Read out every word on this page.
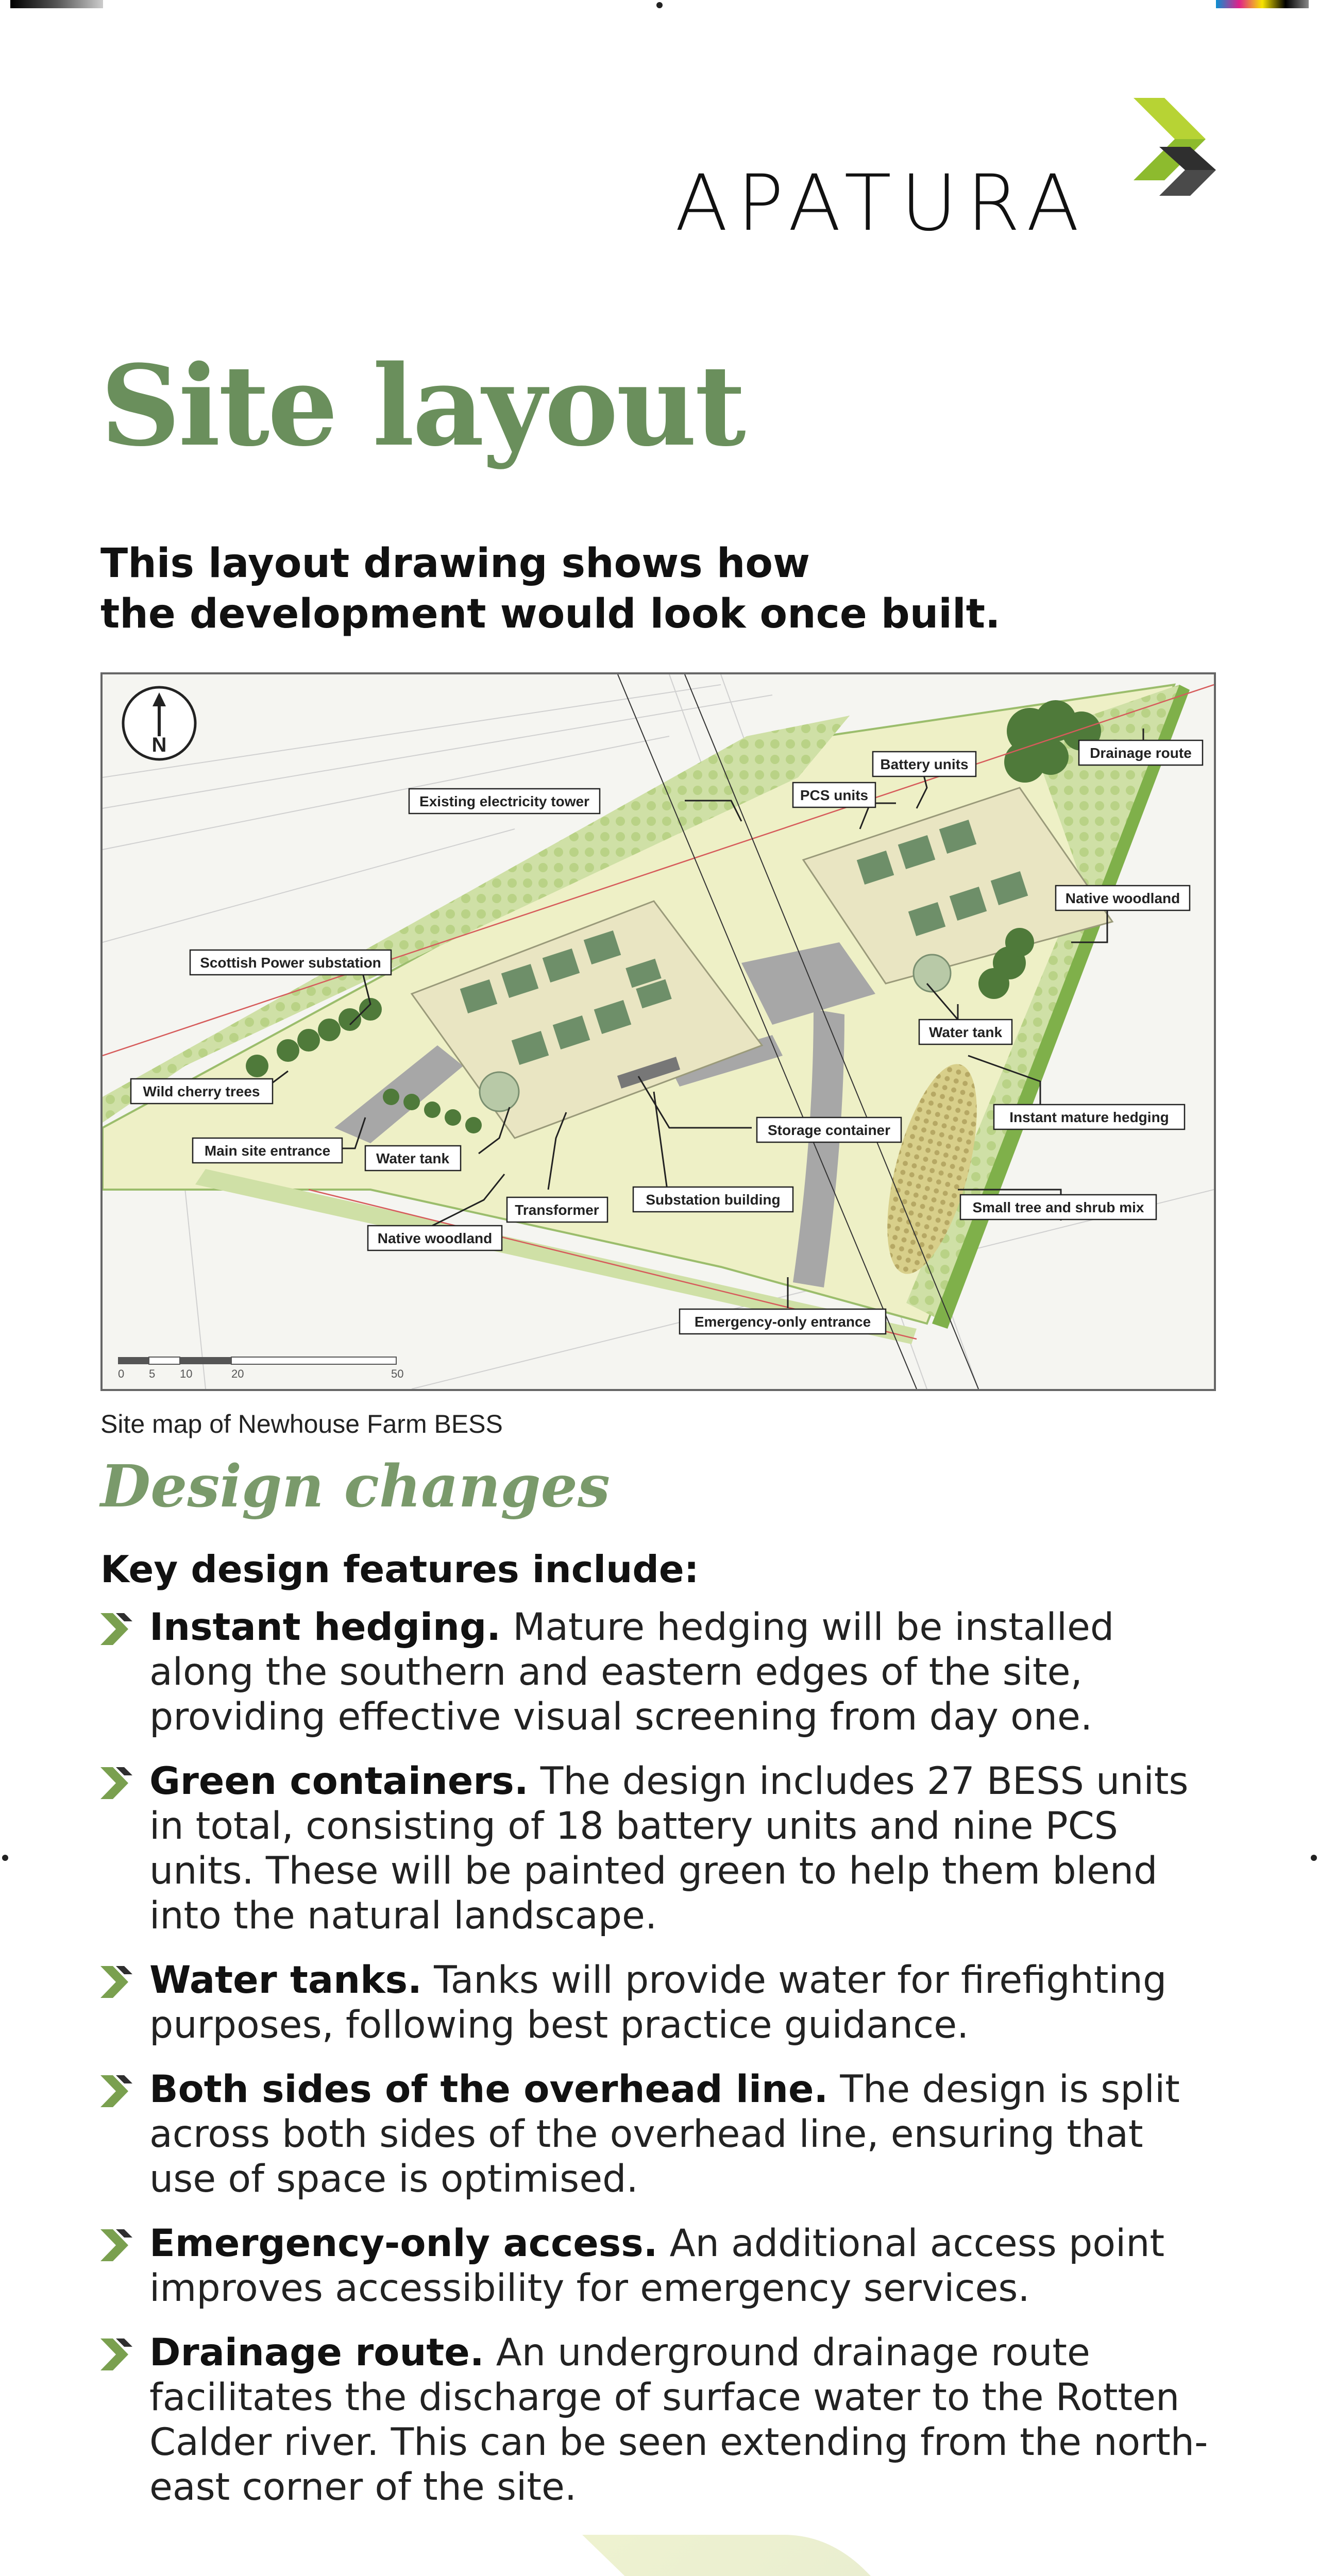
APATURA
Site layout

This layout drawing shows how
the development would look once built.

N
Existing electricity tower
Battery units
Drainage route
PCS units
Native woodland
Scottish Power substation
Water tank
Wild cherry trees
Instant mature hedging
Storage container
Main site entrance	Water tank
Transformer
Substation building	Small tree and shrub mix
Native woodland
Emergency-only entrance
0 5 10	20	50

Site map of Newhouse Farm BESS

Design changes
Key design features include:
Instant hedging. Mature hedging will be installed along the southern and eastern edges of the site, providing effective visual screening from day one.
Green containers. The design includes 27 BESS units in total, consisting of 18 battery units and nine PCS units. These will be painted green to help them blend into the natural landscape.
Water tanks. Tanks will provide water for firefighting purposes, following best practice guidance.
Both sides of the overhead line. The design is split across both sides of the overhead line, ensuring that use of space is optimised.
Emergency-only access. An additional access point improves accessibility for emergency services.
Drainage route. An underground drainage route facilitates the discharge of surface water to the Rotten Calder river. This can be seen extending from the north-east corner of the site.
